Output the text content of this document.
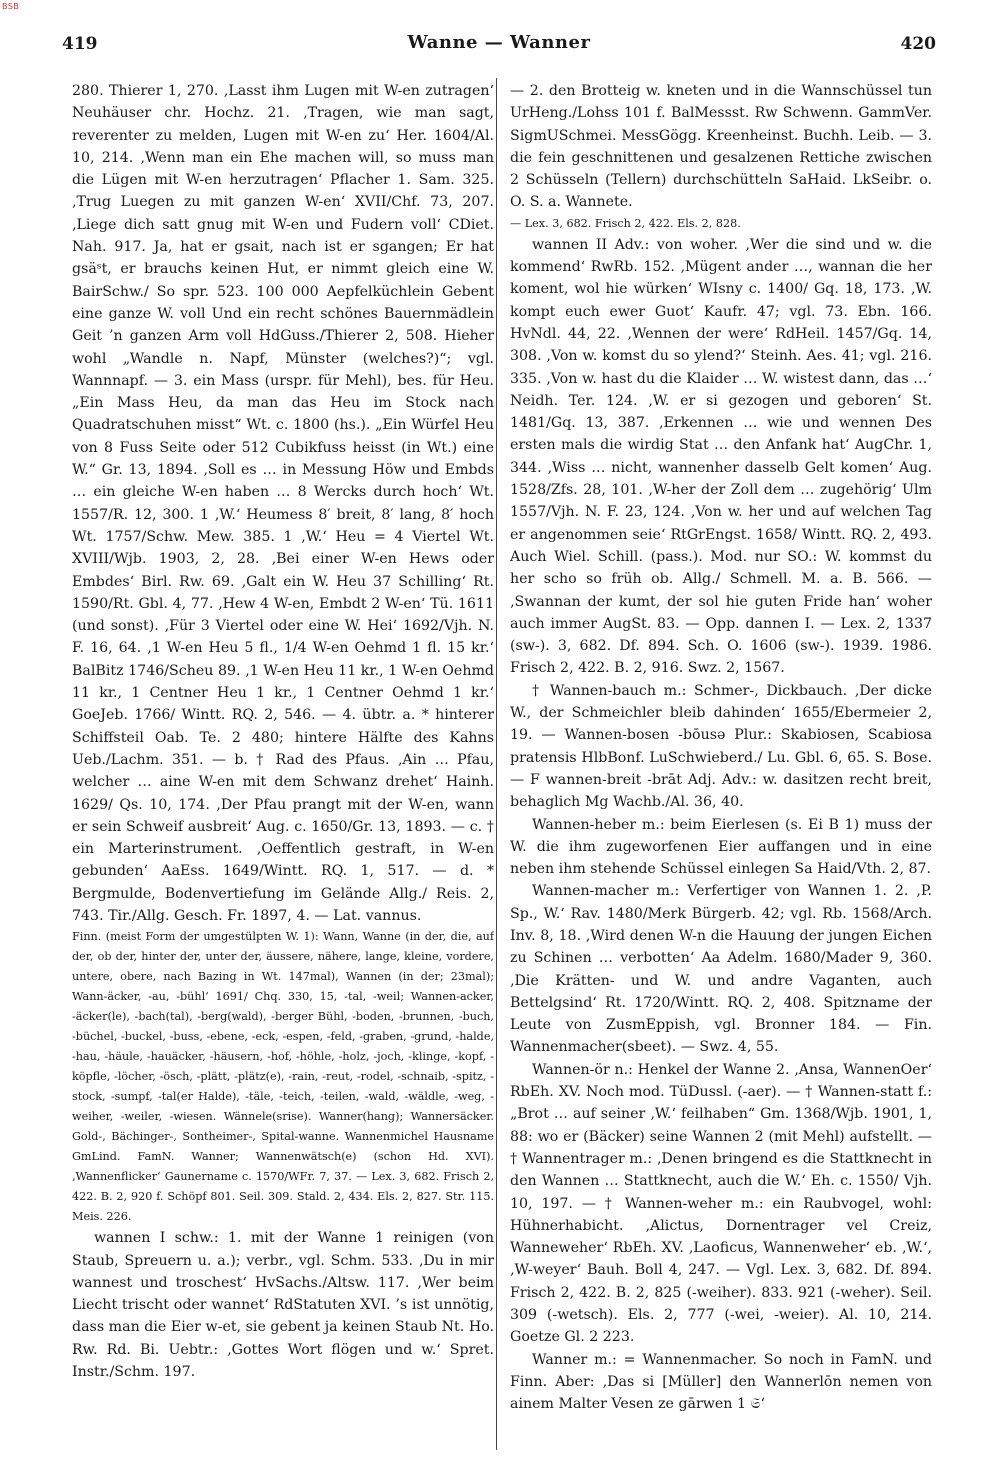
BSB
419	Wanne — Wanner	420

280. Thierer 1, 270. ‚Lasst ihm Lugen mit W-en zutragen‘ Neuhäuser chr. Hochz. 21. ‚Tragen, wie man sagt, reverenter zu melden, Lugen mit W-en zu‘ Her. 1604/Al. 10, 214. ‚Wenn man ein Ehe machen will, so muss man die Lügen mit W-en herzutragen‘ Pflacher 1. Sam. 325. ‚Trug Luegen zu mit ganzen W-en‘ XVII/Chf. 73, 207. ‚Liege dich satt gnug mit W-en und Fudern voll‘ CDiet. Nah. 917. Ja, hat er gsait, nach ist er sgangen; Er hat gsäˢt, er brauchs keinen Hut, er nimmt gleich eine W. BairSchw./ So spr. 523. 100 000 Aepfelküchlein Gebent eine ganze W. voll Und ein recht schönes Bauernmädlein Geit ’n ganzen Arm voll HdGuss./Thierer 2, 508. Hieher wohl „Wandle n. Napf, Münster (welches?)“; vgl. Wannnapf. — 3. ein Mass (urspr. für Mehl), bes. für Heu. „Ein Mass Heu, da man das Heu im Stock nach Quadratschuhen misst“ Wt. c. 1800 (hs.). „Ein Würfel Heu von 8 Fuss Seite oder 512 Cubikfuss heisst (in Wt.) eine W.“ Gr. 13, 1894. ‚Soll es … in Messung Höw und Embds … ein gleiche W-en haben … 8 Wercks durch hoch‘ Wt. 1557/R. 12, 300. 1 ‚W.‘ Heumess 8′ breit, 8′ lang, 8′ hoch Wt. 1757/Schw. Mew. 385. 1 ‚W.‘ Heu = 4 Viertel Wt. XVIII/Wjb. 1903, 2, 28. ‚Bei einer W-en Hews oder Embdes‘ Birl. Rw. 69. ‚Galt ein W. Heu 37 Schilling‘ Rt. 1590/Rt. Gbl. 4, 77. ‚Hew 4 W-en, Embdt 2 W-en‘ Tü. 1611 (und sonst). ‚Für 3 Viertel oder eine W. Hei‘ 1692/Vjh. N. F. 16, 64. ‚1 W-en Heu 5 fl., 1/4 W-en Oehmd 1 fl. 15 kr.‘ BalBitz 1746/Scheu 89. ‚1 W-en Heu 11 kr., 1 W-en Oehmd 11 kr., 1 Centner Heu 1 kr., 1 Centner Oehmd 1 kr.‘ GoeJeb. 1766/ Wintt. RQ. 2, 546. — 4. übtr. a. * hinterer Schiffsteil Oab. Te. 2 480; hintere Hälfte des Kahns Ueb./Lachm. 351. — b. † Rad des Pfaus. ‚Ain … Pfau, welcher … aine W-en mit dem Schwanz drehet‘ Hainh. 1629/ Qs. 10, 174. ‚Der Pfau prangt mit der W-en, wann er sein Schweif ausbreit‘ Aug. c. 1650/Gr. 13, 1893. — c. † ein Marterinstrument. ‚Oeffentlich gestraft, in W-en gebunden‘ AaEss. 1649/Wintt. RQ. 1, 517. — d. * Bergmulde, Bodenvertiefung im Gelände Allg./ Reis. 2, 743. Tir./Allg. Gesch. Fr. 1897, 4. — Lat. vannus.

Finn. (meist Form der umgestülpten W. 1): Wann, Wanne (in der, die, auf der, ob der, hinter der, unter der, äussere, nähere, lange, kleine, vordere, untere, obere, nach Bazing in Wt. 147mal), Wannen (in der; 23mal); Wann-äcker, -au, -bühl‘ 1691/ Chq. 330, 15, -tal, -weil; Wannen-acker, -äcker(le), -bach(tal), -berg(wald), -berger Bühl, -boden, -brunnen, -buch, -büchel, -buckel, -buss, -ebene, -eck, -espen, -feld, -graben, -grund, -halde, -hau, -häule, -hauäcker, -häusern, -hof, -höhle, -holz, -joch, -klinge, -kopf, -köpfle, -löcher, -ösch, -plätt, -plätz(e), -rain, -reut, -rodel, -schnaib, -spitz, -stock, -sumpf, -tal(er Halde), -täle, -teich, -teilen, -wald, -wäldle, -weg, -weiher, -weiler, -wiesen. Wännele(srise). Wanner(hang); Wannersäcker. Gold-, Bächinger-, Sontheimer-, Spital-wanne. Wannenmichel Hausname GmLind. FamN. Wanner; Wannenwätsch(e) (schon Hd. XVI). ‚Wannenflicker‘ Gaunername c. 1570/WFr. 7, 37. — Lex. 3, 682. Frisch 2, 422. B. 2, 920 f. Schöpf 801. Seil. 309. Stald. 2, 434. Els. 2, 827. Str. 115. Meis. 226.

wannen I schw.: 1. mit der Wanne 1 reinigen (von Staub, Spreuern u. a.); verbr., vgl. Schm. 533. ‚Du in mir wannest und troschest‘ HvSachs./Altsw. 117. ‚Wer beim Liecht trischt oder wannet‘ RdStatuten XVI. ’s ist unnötig, dass man die Eier w-et, sie gebent ja keinen Staub Nt. Ho. Rw. Rd. Bi. Uebtr.: ‚Gottes Wort flögen und w.‘ Spret. Instr./Schm. 197.

— 2. den Brotteig w. kneten und in die Wannschüssel tun UrHeng./Lohss 101 f. BalMessst. Rw Schwenn. GammVer. SigmUSchmei. MessGögg. Kreenheinst. Buchh. Leib. — 3. die fein geschnittenen und gesalzenen Rettiche zwischen 2 Schüsseln (Tellern) durchschütteln SaHaid. LkSeibr. o. O. S. a. Wannete.

— Lex. 3, 682. Frisch 2, 422. Els. 2, 828.

wannen II Adv.: von woher. ‚Wer die sind und w. die kommend‘ RwRb. 152. ‚Mügent ander …, wannan die her koment, wol hie würken‘ WIsny c. 1400/ Gq. 18, 173. ‚W. kompt euch ewer Guot‘ Kaufr. 47; vgl. 73. Ebn. 166. HvNdl. 44, 22. ‚Wennen der were‘ RdHeil. 1457/Gq. 14, 308. ‚Von w. komst du so ylend?‘ Steinh. Aes. 41; vgl. 216. 335. ‚Von w. hast du die Klaider … W. wistest dann, das …‘ Neidh. Ter. 124. ‚W. er si gezogen und geboren‘ St. 1481/Gq. 13, 387. ‚Erkennen … wie und wennen Des ersten mals die wirdig Stat … den Anfank hat‘ AugChr. 1, 344. ‚Wiss … nicht, wannenher dasselb Gelt komen‘ Aug. 1528/Zfs. 28, 101. ‚W-her der Zoll dem … zugehörig‘ Ulm 1557/Vjh. N. F. 23, 124. ‚Von w. her und auf welchen Tag er angenommen seie‘ RtGrEngst. 1658/ Wintt. RQ. 2, 493. Auch Wiel. Schill. (pass.). Mod. nur SO.: W. kommst du her scho so früh ob. Allg./ Schmell. M. a. B. 566. — ‚Swannan der kumt, der sol hie guten Fride han‘ woher auch immer AugSt. 83. — Opp. dannen I. — Lex. 2, 1337 (sw-). 3, 682. Df. 894. Sch. O. 1606 (sw-). 1939. 1986. Frisch 2, 422. B. 2, 916. Swz. 2, 1567.

† Wannen-bauch m.: Schmer-, Dickbauch. ‚Der dicke W., der Schmeichler bleib dahinden‘ 1655/Ebermeier 2, 19. — Wannen-bosen -bōusə Plur.: Skabiosen, Scabiosa pratensis HlbBonf. LuSchwieberd./ Lu. Gbl. 6, 65. S. Bose. — F wannen-breit -brāt Adj. Adv.: w. dasitzen recht breit, behaglich Mg Wachb./Al. 36, 40.

Wannen-heber m.: beim Eierlesen (s. Ei B 1) muss der W. die ihm zugeworfenen Eier auffangen und in eine neben ihm stehende Schüssel einlegen Sa Haid/Vth. 2, 87.

Wannen-macher m.: Verfertiger von Wannen 1. 2. ‚P. Sp., W.‘ Rav. 1480/Merk Bürgerb. 42; vgl. Rb. 1568/Arch. Inv. 8, 18. ‚Wird denen W-n die Hauung der jungen Eichen zu Schinen … verbotten‘ Aa Adelm. 1680/Mader 9, 360. ‚Die Krätten- und W. und andre Vaganten, auch Bettelgsind‘ Rt. 1720/Wintt. RQ. 2, 408. Spitzname der Leute von ZusmEppish, vgl. Bronner 184. — Fin. Wannenmacher(sbeet). — Swz. 4, 55.

Wannen-ör n.: Henkel der Wanne 2. ‚Ansa, WannenOer‘ RbEh. XV. Noch mod. TüDussl. (-aer). — † Wannen-statt f.: „Brot … auf seiner ‚W.‘ feilhaben“ Gm. 1368/Wjb. 1901, 1, 88: wo er (Bäcker) seine Wannen 2 (mit Mehl) aufstellt. — † Wannentrager m.: ‚Denen bringend es die Stattknecht in den Wannen … Stattknecht, auch die W.‘ Eh. c. 1550/ Vjh. 10, 197. — † Wannen-weher m.: ein Raubvogel, wohl: Hühnerhabicht. ‚Alictus, Dornentrager vel Creiz, Wanneweher‘ RbEh. XV. ‚Laoficus, Wannenweher‘ eb. ‚W.‘, ‚W-weyer‘ Bauh. Boll 4, 247. — Vgl. Lex. 3, 682. Df. 894. Frisch 2, 422. B. 2, 825 (-weiher). 833. 921 (-weher). Seil. 309 (-wetsch). Els. 2, 777 (-wei, -weier). Al. 10, 214. Goetze Gl. 2 223.

Wanner m.: = Wannenmacher. So noch in FamN. und Finn. Aber: ‚Das si [Müller] den Wannerlōn nemen von ainem Malter Vesen ze gārwen 1 𝔖‘
